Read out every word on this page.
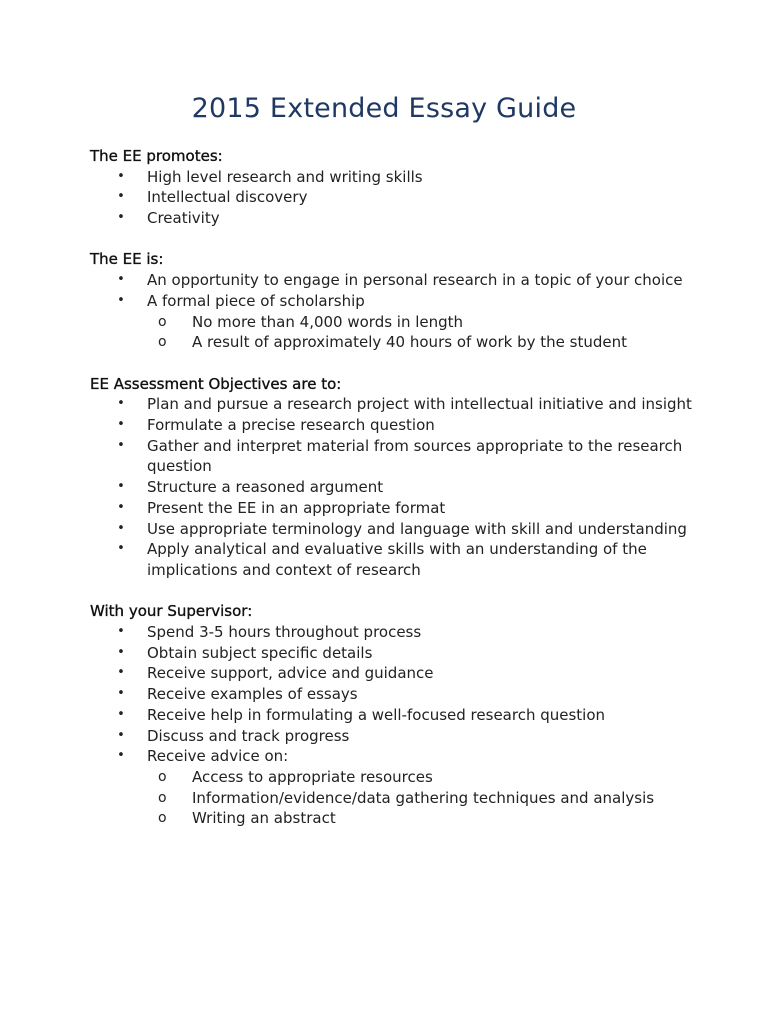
2015 Extended Essay Guide
The EE promotes:
• High level research and writing skills
• Intellectual discovery
• Creativity
The EE is:
• An opportunity to engage in personal research in a topic of your choice
• A formal piece of scholarship
o No more than 4,000 words in length
o A result of approximately 40 hours of work by the student
EE Assessment Objectives are to:
• Plan and pursue a research project with intellectual initiative and insight
• Formulate a precise research question
• Gather and interpret material from sources appropriate to the research question
• Structure a reasoned argument
• Present the EE in an appropriate format
• Use appropriate terminology and language with skill and understanding
• Apply analytical and evaluative skills with an understanding of the implications and context of research
With your Supervisor:
• Spend 3-5 hours throughout process
• Obtain subject specific details
• Receive support, advice and guidance
• Receive examples of essays
• Receive help in formulating a well-focused research question
• Discuss and track progress
• Receive advice on:
o Access to appropriate resources
o Information/evidence/data gathering techniques and analysis
o Writing an abstract
